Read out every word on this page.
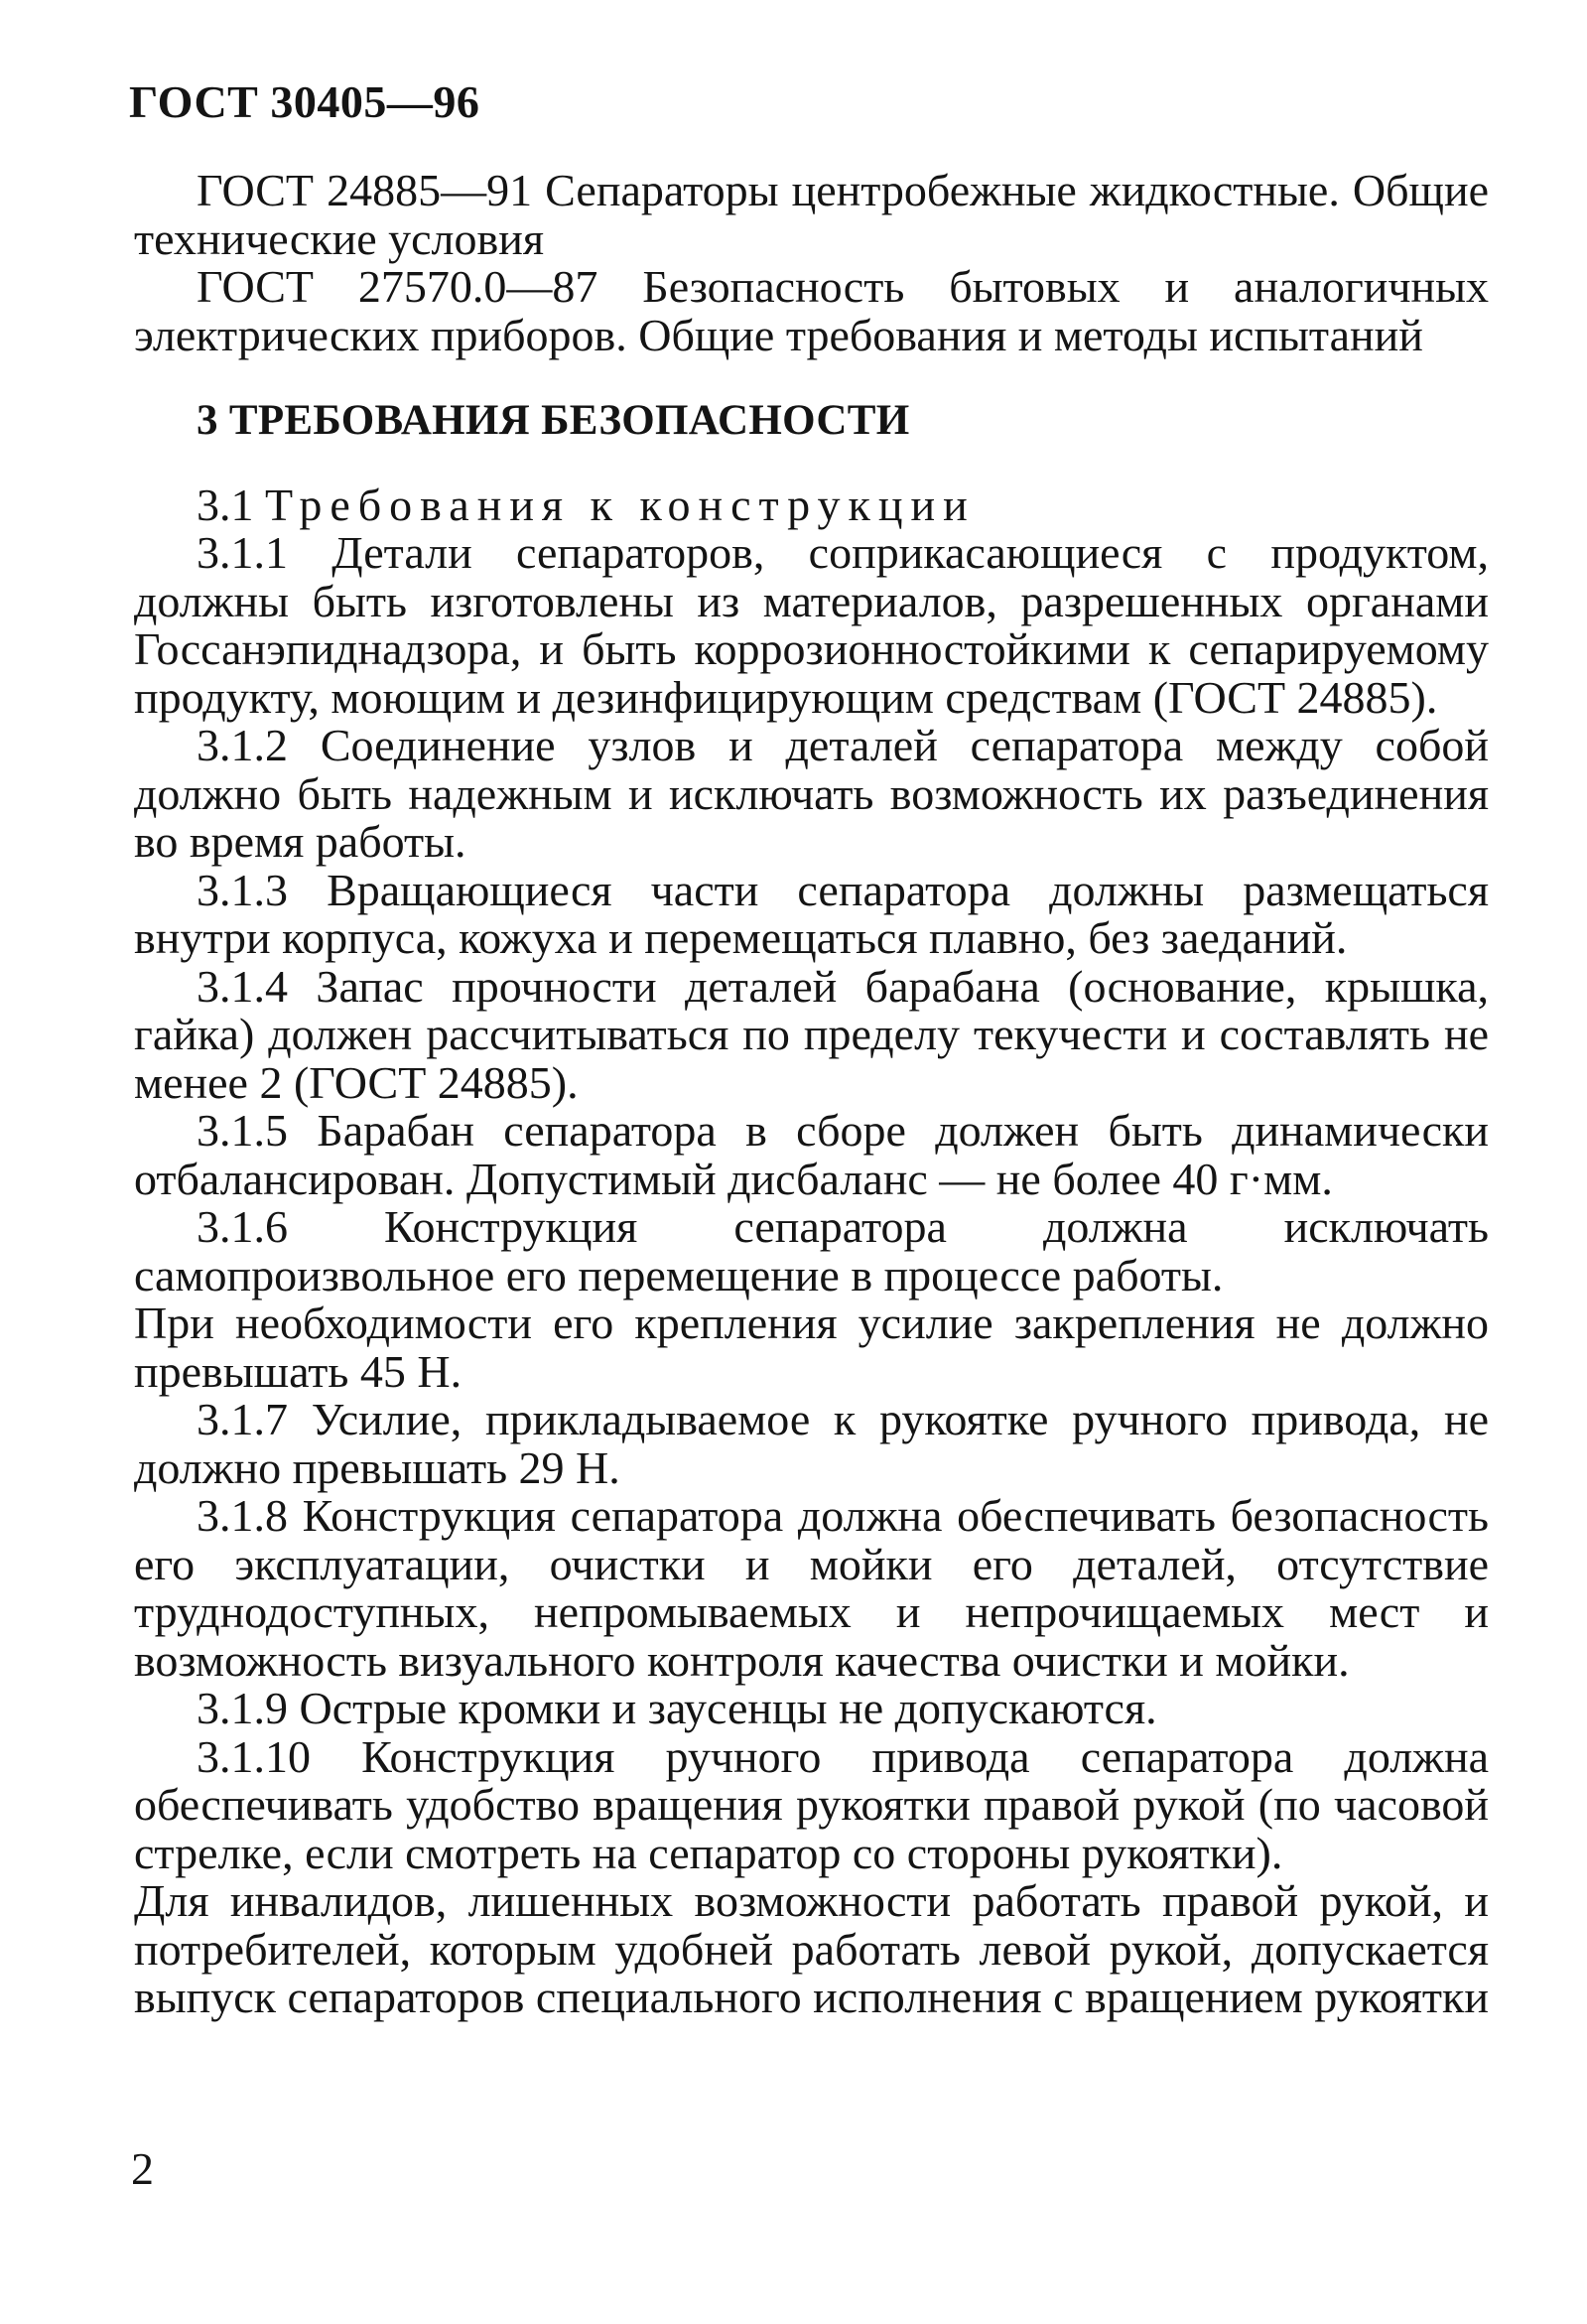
ГОСТ 30405—96

ГОСТ 24885—91 Сепараторы центробежные жидкостные. Общие технические условия

ГОСТ 27570.0—87 Безопасность бытовых и аналогичных электрических приборов. Общие требования и методы испытаний

3 ТРЕБОВАНИЯ БЕЗОПАСНОСТИ

3.1 Требования к конструкции

3.1.1 Детали сепараторов, соприкасающиеся с продуктом, должны быть изготовлены из материалов, разрешенных органами Госсанэпиднадзора, и быть коррозионностойкими к сепарируемому продукту, моющим и дезинфицирующим средствам (ГОСТ 24885).

3.1.2 Соединение узлов и деталей сепаратора между собой должно быть надежным и исключать возможность их разъединения во время работы.

3.1.3 Вращающиеся части сепаратора должны размещаться внутри корпуса, кожуха и перемещаться плавно, без заеданий.

3.1.4 Запас прочности деталей барабана (основание, крышка, гайка) должен рассчитываться по пределу текучести и составлять не менее 2 (ГОСТ 24885).

3.1.5 Барабан сепаратора в сборе должен быть динамически отбалансирован. Допустимый дисбаланс — не более 40 г·мм.

3.1.6 Конструкция сепаратора должна исключать самопроизвольное его перемещение в процессе работы.

При необходимости его крепления усилие закрепления не должно превышать 45 Н.

3.1.7 Усилие, прикладываемое к рукоятке ручного привода, не должно превышать 29 Н.

3.1.8 Конструкция сепаратора должна обеспечивать безопасность его эксплуатации, очистки и мойки его деталей, отсутствие труднодоступных, непромываемых и непрочищаемых мест и возможность визуального контроля качества очистки и мойки.

3.1.9 Острые кромки и заусенцы не допускаются.

3.1.10 Конструкция ручного привода сепаратора должна обеспечивать удобство вращения рукоятки правой рукой (по часовой стрелке, если смотреть на сепаратор со стороны рукоятки).

Для инвалидов, лишенных возможности работать правой рукой, и потребителей, которым удобней работать левой рукой, допускается выпуск сепараторов специального исполнения с вращением рукоятки

2
